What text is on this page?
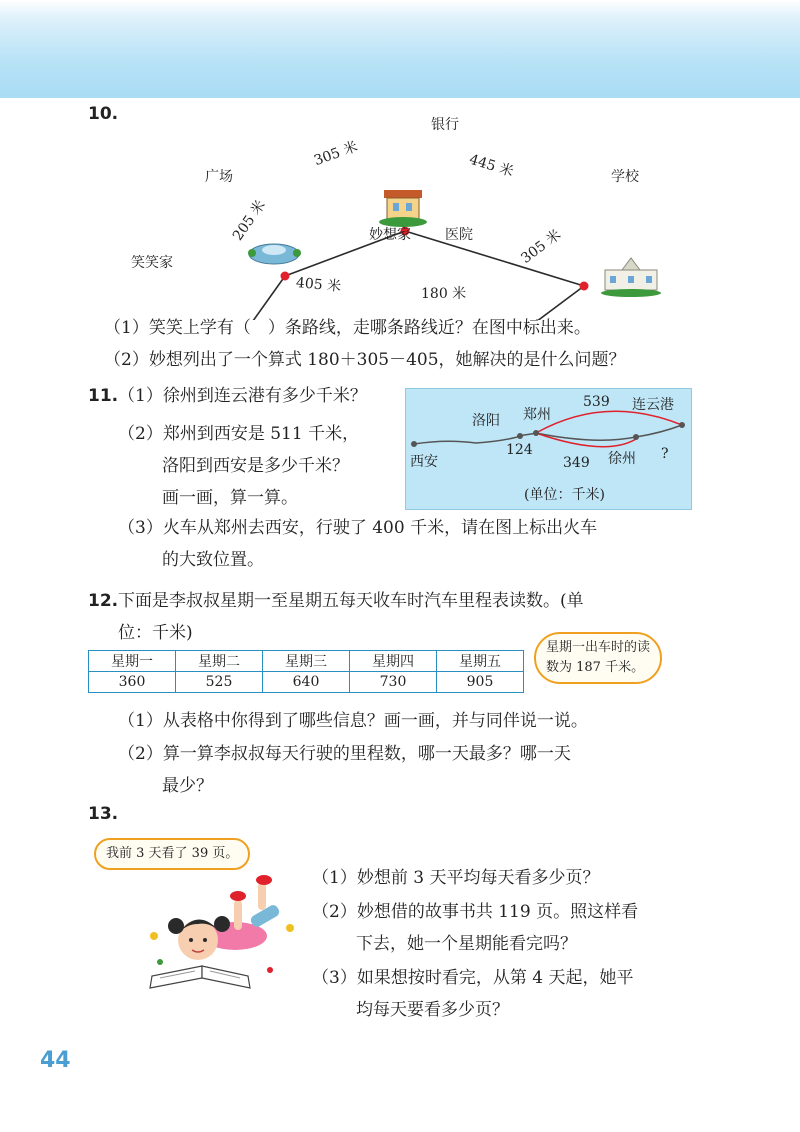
10.
银行
广场	学校
笑笑家
妙想家 医院
305 米	445 米
205 米
405 米	180 米
305 米
（1）笑笑上学有（　）条路线，走哪条路线近？在图中标出来。
（2）妙想列出了一个算式 180＋305－405，她解决的是什么问题？
11. （1）徐州到连云港有多少千米？
（2）郑州到西安是 511 千米，
洛阳到西安是多少千米？
画一画，算一算。
洛阳 郑州
539 连云港
西安
124
349 徐州 ?
(单位：千米)
（3）火车从郑州去西安，行驶了 400 千米，请在图上标出火车
的大致位置。
12. 下面是李叔叔星期一至星期五每天收车时汽车里程表读数。(单
位：千米)
星期一	星期二	星期三	星期四	星期五
360	525	640	730	905
星期一出车时的读
数为 187 千米。
（1）从表格中你得到了哪些信息？画一画，并与同伴说一说。
（2）算一算李叔叔每天行驶的里程数，哪一天最多？哪一天
最少？
13.
我前 3 天看了 39 页。
（1）妙想前 3 天平均每天看多少页？
（2）妙想借的故事书共 119 页。照这样看
下去，她一个星期能看完吗？
（3）如果想按时看完，从第 4 天起，她平
均每天要看多少页？
44
